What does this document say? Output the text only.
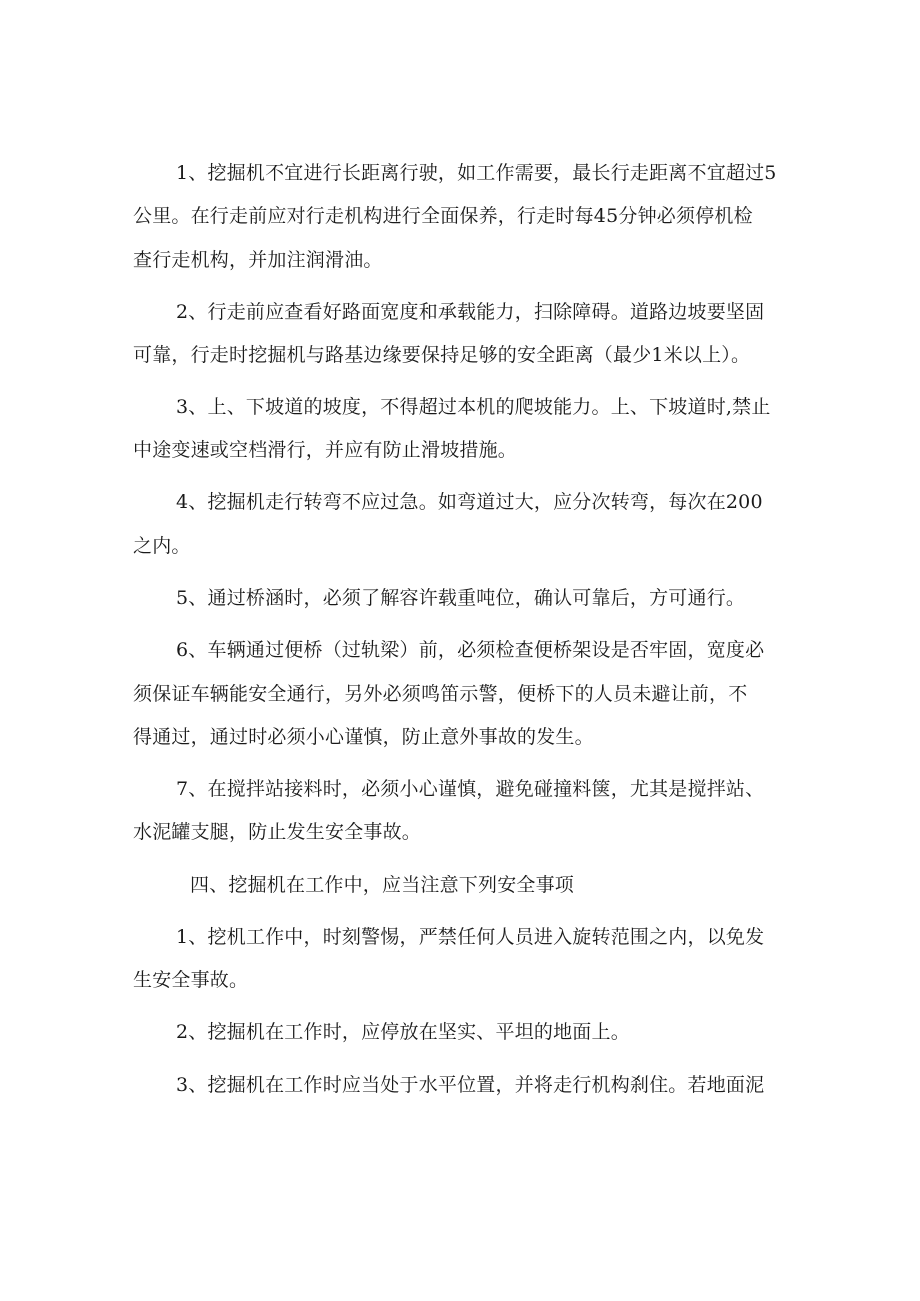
1、挖掘机不宜进行长距离行驶，如工作需要，最长行走距离不宜超过5
公里。在行走前应对行走机构进行全面保养，行走时每45分钟必须停机检
查行走机构，并加注润滑油。
2、行走前应查看好路面宽度和承载能力，扫除障碍。道路边坡要坚固
可靠，行走时挖掘机与路基边缘要保持足够的安全距离（最少1米以上）。
3、上、下坡道的坡度，不得超过本机的爬坡能力。上、下坡道时,禁止
中途变速或空档滑行，并应有防止滑坡措施。
4、挖掘机走行转弯不应过急。如弯道过大，应分次转弯，每次在200
之内。
5、通过桥涵时，必须了解容许载重吨位，确认可靠后，方可通行。
6、车辆通过便桥（过轨梁）前，必须检查便桥架设是否牢固，宽度必
须保证车辆能安全通行，另外必须鸣笛示警，便桥下的人员未避让前，不
得通过，通过时必须小心谨慎，防止意外事故的发生。
7、在搅拌站接料时，必须小心谨慎，避免碰撞料箧，尤其是搅拌站、
水泥罐支腿，防止发生安全事故。
四、挖掘机在工作中，应当注意下列安全事项
1、挖机工作中，时刻警惕，严禁任何人员进入旋转范围之内，以免发
生安全事故。
2、挖掘机在工作时，应停放在坚实、平坦的地面上。
3、挖掘机在工作时应当处于水平位置，并将走行机构刹住。若地面泥
